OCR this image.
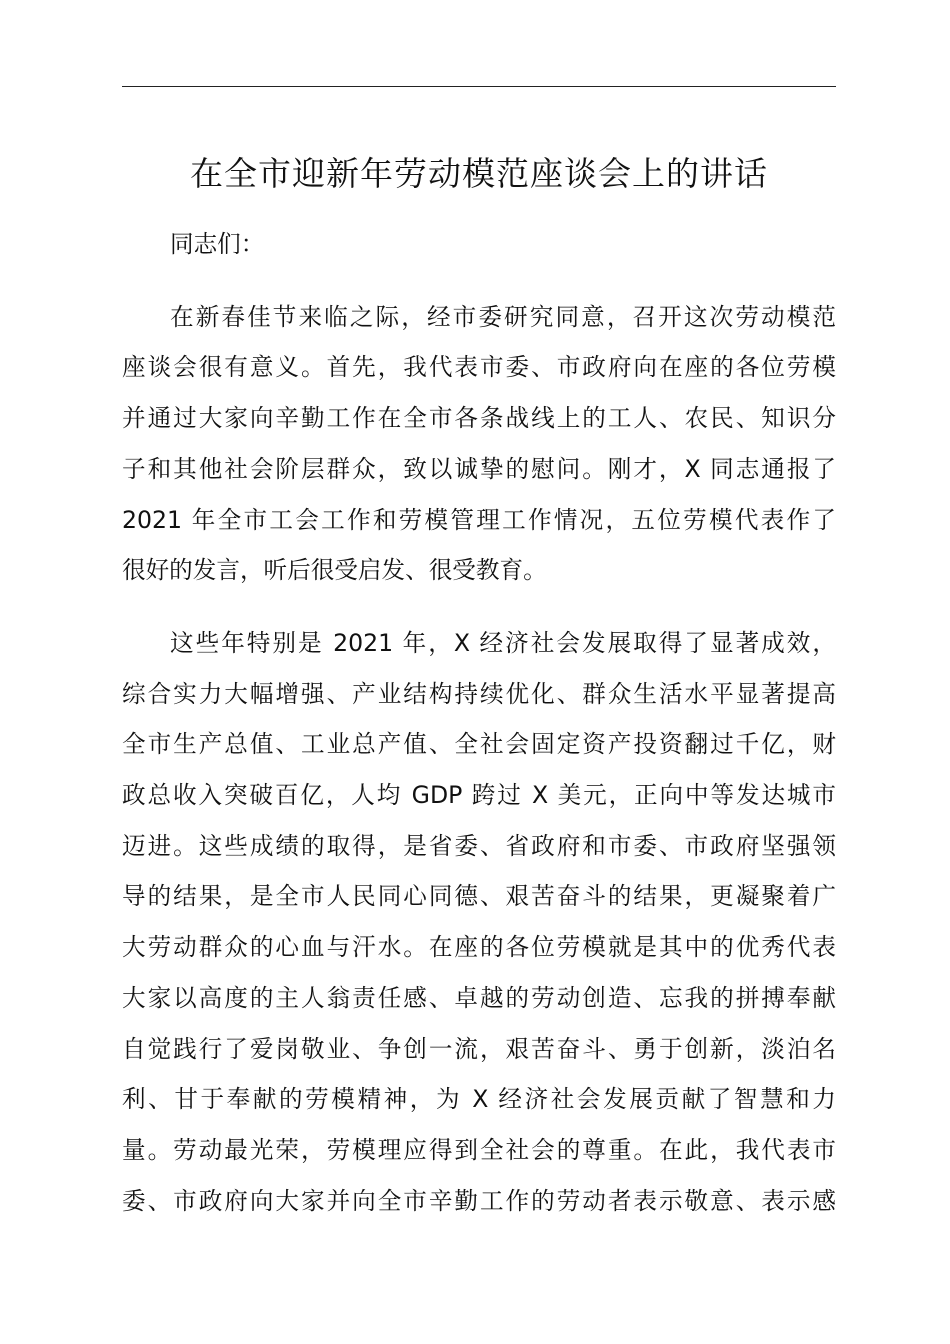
在全市迎新年劳动模范座谈会上的讲话
同志们：
在新春佳节来临之际，经市委研究同意，召开这次劳动模范
座谈会很有意义。首先，我代表市委、市政府向在座的各位劳模
并通过大家向辛勤工作在全市各条战线上的工人、农民、知识分
子和其他社会阶层群众，致以诚挚的慰问。刚才，X 同志通报了
2021 年全市工会工作和劳模管理工作情况，五位劳模代表作了
很好的发言，听后很受启发、很受教育。
这些年特别是 2021 年，X 经济社会发展取得了显著成效，
综合实力大幅增强、产业结构持续优化、群众生活水平显著提高
全市生产总值、工业总产值、全社会固定资产投资翻过千亿，财
政总收入突破百亿，人均 GDP 跨过 X 美元，正向中等发达城市
迈进。这些成绩的取得，是省委、省政府和市委、市政府坚强领
导的结果，是全市人民同心同德、艰苦奋斗的结果，更凝聚着广
大劳动群众的心血与汗水。在座的各位劳模就是其中的优秀代表
大家以高度的主人翁责任感、卓越的劳动创造、忘我的拼搏奉献
自觉践行了爱岗敬业、争创一流，艰苦奋斗、勇于创新，淡泊名
利、甘于奉献的劳模精神，为 X 经济社会发展贡献了智慧和力
量。劳动最光荣，劳模理应得到全社会的尊重。在此，我代表市
委、市政府向大家并向全市辛勤工作的劳动者表示敬意、表示感
